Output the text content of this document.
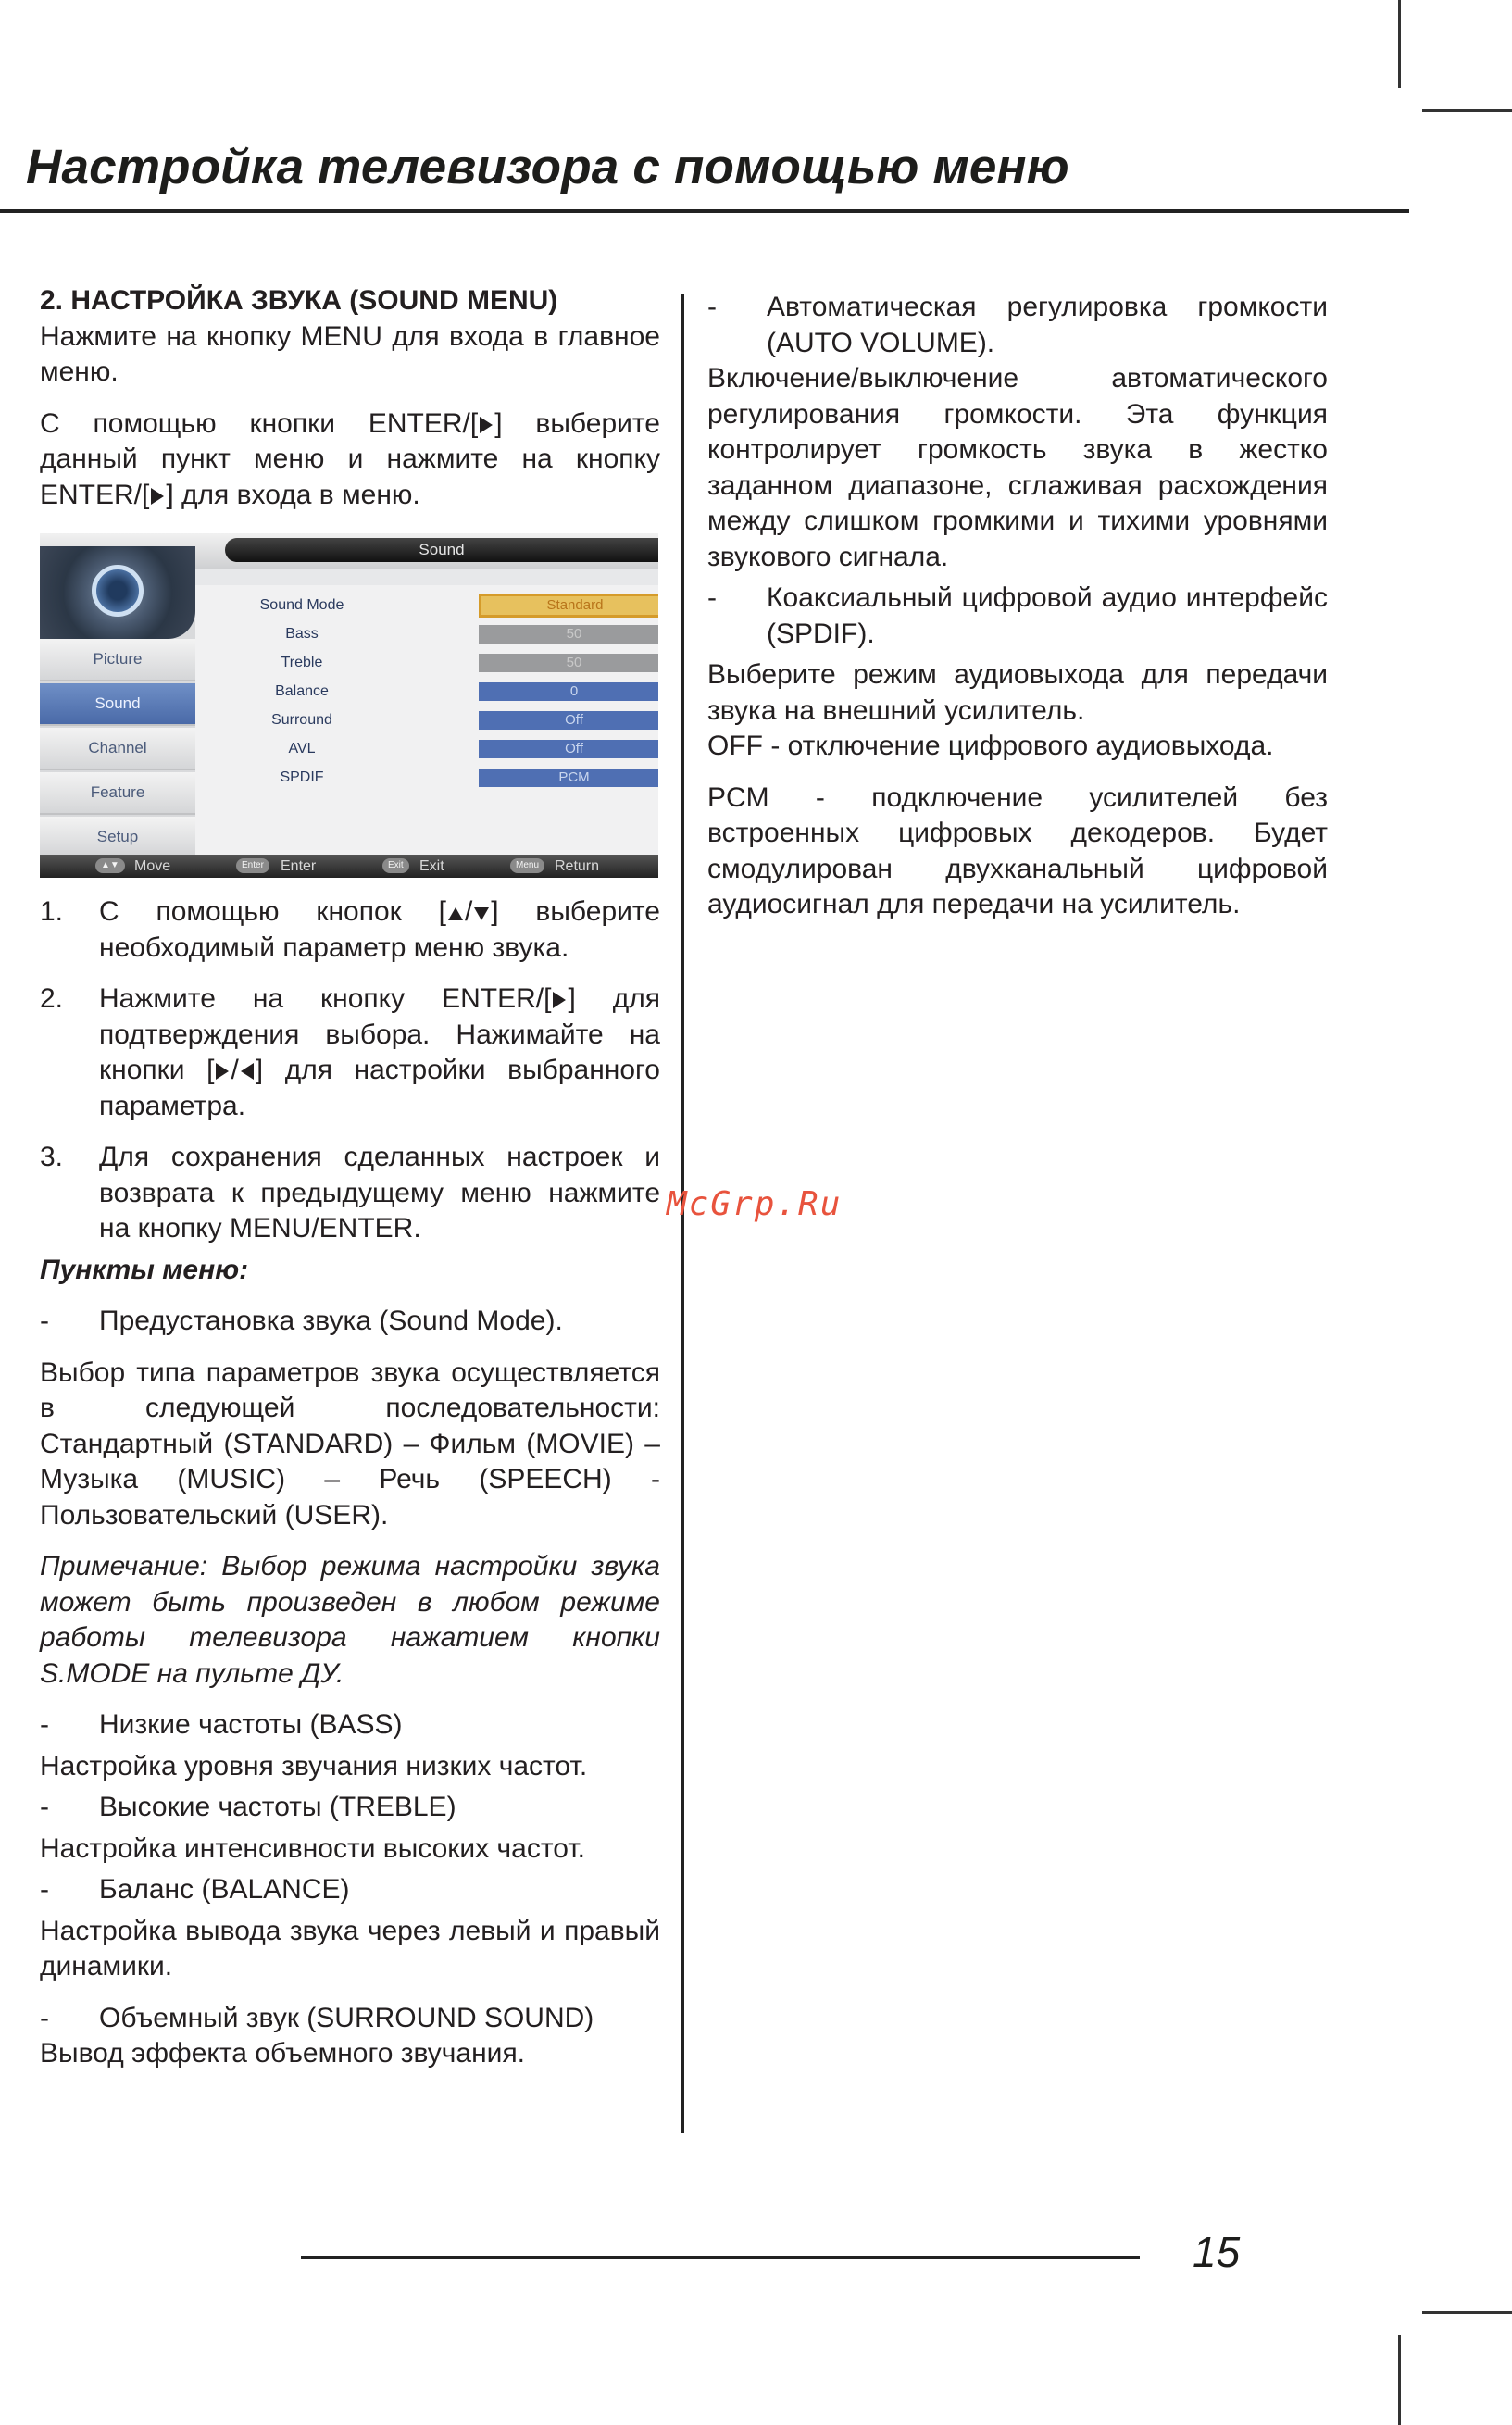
Настройка телевизора с помощью меню

2. НАСТРОЙКА ЗВУКА (SOUND MENU)

Нажмите на кнопку MENU для входа в главное меню.

С помощью кнопки ENTER/[ ] выберите данный пункт меню и нажмите на кнопку ENTER/[ ] для входа в меню.

Sound
Picture
Sound
Channel
Feature
Setup
Sound Mode	Standard
Bass	50
Treble	50
Balance	0
Surround	Off
AVL	Off
SPDIF	PCM
▲▼	Move	Enter	Enter	Exit	Exit	Menu	Return

1. С помощью кнопок [ / ] выберите необходимый параметр меню звука.

2. Нажмите на кнопку ENTER/[ ] для подтверждения выбора. Нажимайте на кнопки [ / ] для настройки выбранного параметра.

3. Для сохранения сделанных настроек и возврата к предыдущему меню нажмите на кнопку MENU/ENTER.

Пункты меню:

- Предустановка звука (Sound Mode).

Выбор типа параметров звука осуществляется в следующей последовательности: Стандартный (STANDARD) – Фильм (MOVIE) – Музыка (MUSIC) – Речь (SPEECH) - Пользовательский (USER).

Примечание: Выбор режима настройки звука может быть произведен в любом режиме работы телевизора нажатием кнопки S.MODE на пульте ДУ.

- Низкие частоты (BASS)

Настройка уровня звучания низких частот.

- Высокие частоты (TREBLE)

Настройка интенсивности высоких частот.

- Баланс (BALANCE)

Настройка вывода звука через левый и правый динамики.

- Объемный звук (SURROUND SOUND)

Вывод эффекта объемного звучания.

- Автоматическая регулировка громкости (AUTO VOLUME).

Включение/выключение автоматического регулирования громкости. Эта функция контролирует громкость звука в жестко заданном диапазоне, сглаживая расхождения между слишком громкими и тихими уровнями звукового сигнала.

- Коаксиальный цифровой аудио интерфейс (SPDIF).

Выберите режим аудиовыхода для передачи звука на внешний усилитель.

OFF - отключение цифрового аудиовыхода.

PCM - подключение усилителей без встроенных цифровых декодеров. Будет смодулирован двухканальный цифровой аудиосигнал для передачи на усилитель.

McGrp.Ru
15
